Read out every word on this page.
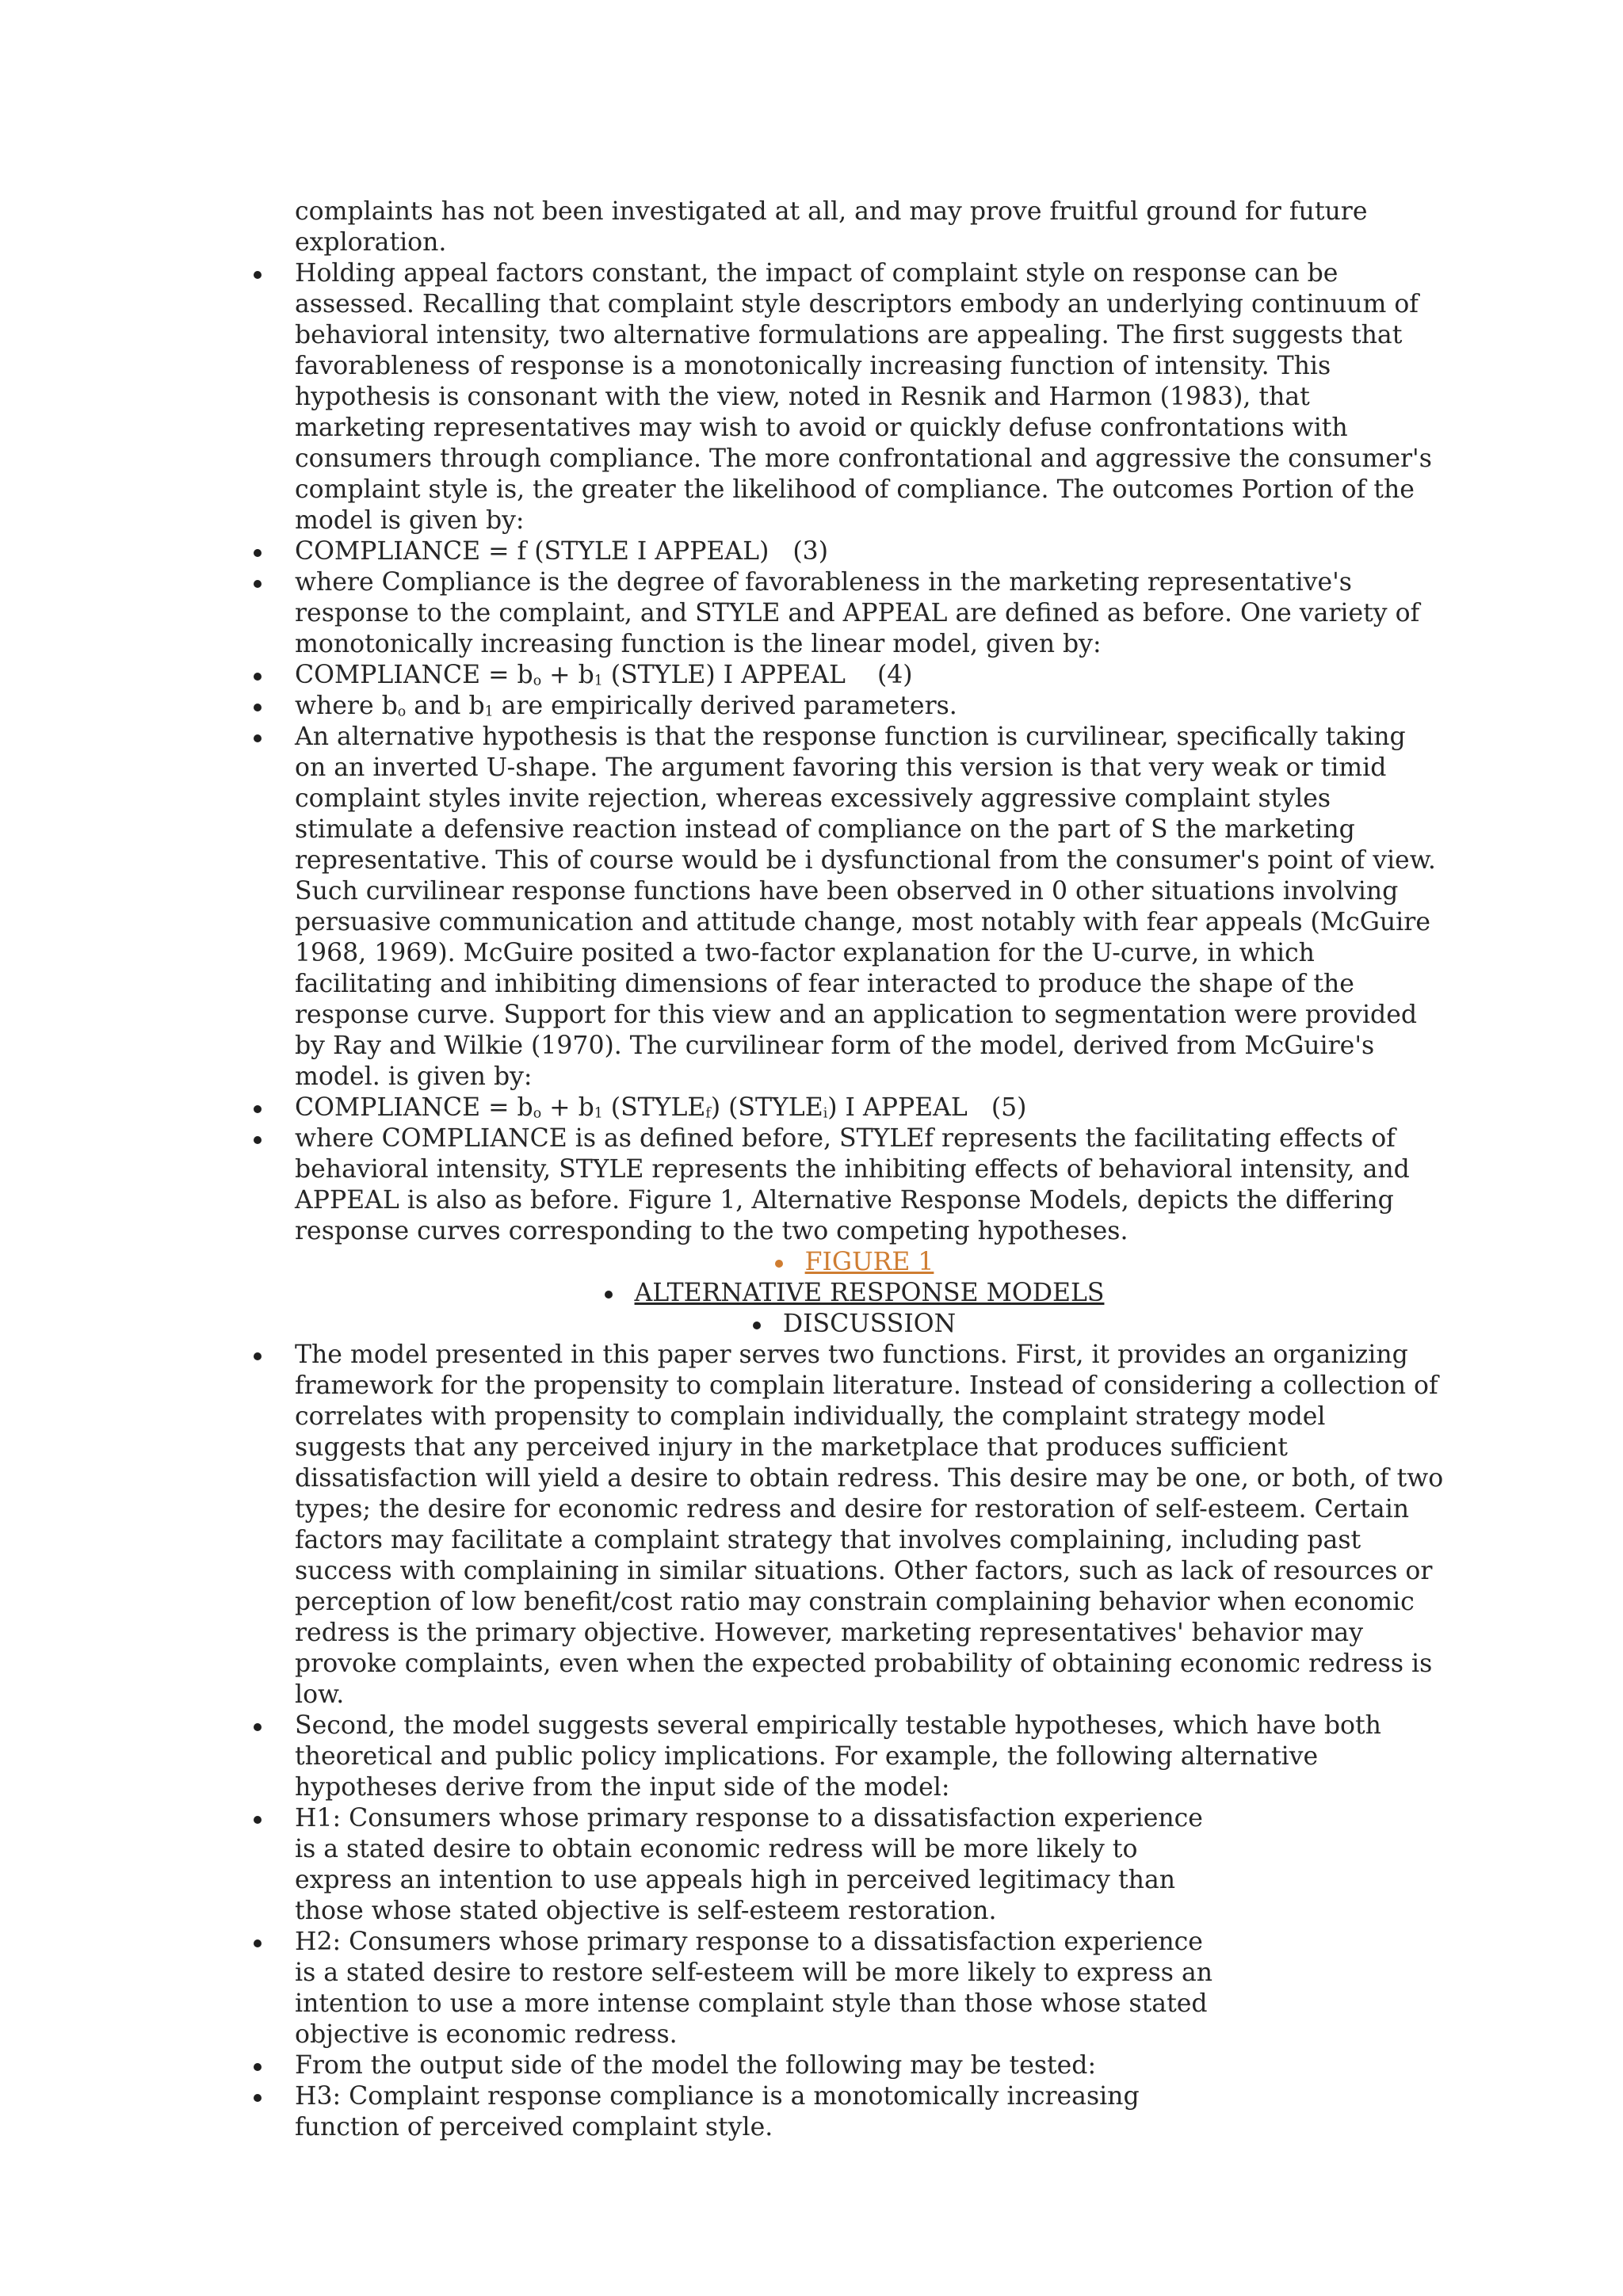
complaints has not been investigated at all, and may prove fruitful ground for future exploration.

Holding appeal factors constant, the impact of complaint style on response can be assessed. Recalling that complaint style descriptors embody an underlying continuum of behavioral intensity, two alternative formulations are appealing. The first suggests that favorableness of response is a monotonically increasing function of intensity. This hypothesis is consonant with the view, noted in Resnik and Harmon (1983), that marketing representatives may wish to avoid or quickly defuse confrontations with consumers through compliance. The more confrontational and aggressive the consumer's complaint style is, the greater the likelihood of compliance. The outcomes Portion of the model is given by:
COMPLIANCE = f (STYLE I APPEAL) (3)
where Compliance is the degree of favorableness in the marketing representative's response to the complaint, and STYLE and APPEAL are defined as before. One variety of monotonically increasing function is the linear model, given by:
COMPLIANCE = $b_o + b_1$ (STYLE) I APPEAL (4)
where $b_o$ and $b_1$ are empirically derived parameters.
An alternative hypothesis is that the response function is curvilinear, specifically taking on an inverted U-shape. The argument favoring this version is that very weak or timid complaint styles invite rejection, whereas excessively aggressive complaint styles stimulate a defensive reaction instead of compliance on the part of S the marketing representative. This of course would be i dysfunctional from the consumer's point of view. Such curvilinear response functions have been observed in 0 other situations involving persuasive communication and attitude change, most notably with fear appeals (McGuire 1968, 1969). McGuire posited a two-factor explanation for the U-curve, in which facilitating and inhibiting dimensions of fear interacted to produce the shape of the response curve. Support for this view and an application to segmentation were provided by Ray and Wilkie (1970). The curvilinear form of the model, derived from McGuire's model. is given by:
COMPLIANCE = $b_o + b_1$ $(STYLE_f)$ $(STYLE_i)$ I APPEAL (5)
where COMPLIANCE is as defined before, STYLEf represents the facilitating effects of behavioral intensity, STYLE represents the inhibiting effects of behavioral intensity, and APPEAL is also as before. Figure 1, Alternative Response Models, depicts the differing response curves corresponding to the two competing hypotheses.
FIGURE 1
ALTERNATIVE RESPONSE MODELS
DISCUSSION
The model presented in this paper serves two functions. First, it provides an organizing framework for the propensity to complain literature. Instead of considering a collection of correlates with propensity to complain individually, the complaint strategy model suggests that any perceived injury in the marketplace that produces sufficient dissatisfaction will yield a desire to obtain redress. This desire may be one, or both, of two types; the desire for economic redress and desire for restoration of self-esteem. Certain factors may facilitate a complaint strategy that involves complaining, including past success with complaining in similar situations. Other factors, such as lack of resources or perception of low benefit/cost ratio may constrain complaining behavior when economic redress is the primary objective. However, marketing representatives' behavior may provoke complaints, even when the expected probability of obtaining economic redress is low.
Second, the model suggests several empirically testable hypotheses, which have both theoretical and public policy implications. For example, the following alternative hypotheses derive from the input side of the model:
H1: Consumers whose primary response to a dissatisfaction experience is a stated desire to obtain economic redress will be more likely to express an intention to use appeals high in perceived legitimacy than those whose stated objective is self-esteem restoration.
H2: Consumers whose primary response to a dissatisfaction experience is a stated desire to restore self-esteem will be more likely to express an intention to use a more intense complaint style than those whose stated objective is economic redress.
From the output side of the model the following may be tested:
H3: Complaint response compliance is a monotomically increasing function of perceived complaint style.
